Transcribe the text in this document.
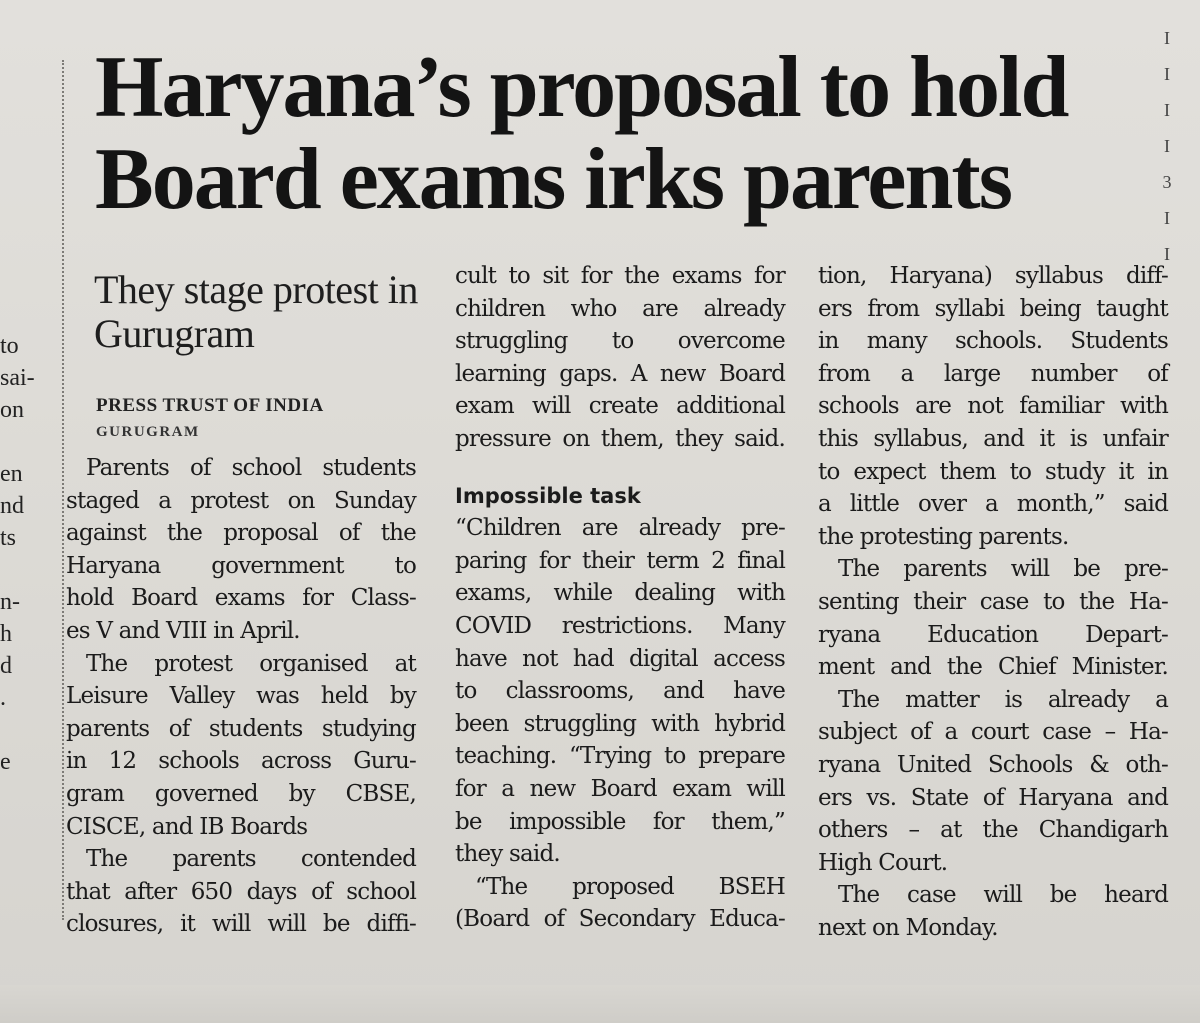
to
sai-
on
en
nd
ts
n-
h
d
.
e
I
I
I
I
3
I
I
Haryana’s proposal to hold
Board exams irks parents
They stage protest in Gurugram
PRESS TRUST OF INDIA
GURUGRAM
Parents of school students
staged a protest on Sunday
against the proposal of the
Haryana government to
hold Board exams for Class-
es V and VIII in April.
The protest organised at
Leisure Valley was held by
parents of students studying
in 12 schools across Guru-
gram governed by CBSE,
CISCE, and IB Boards
The parents contended
that after 650 days of school
closures, it will will be diffi-
cult to sit for the exams for
children who are already
struggling to overcome
learning gaps. A new Board
exam will create additional
pressure on them, they said.
Impossible task
“Children are already pre-
paring for their term 2 final
exams, while dealing with
COVID restrictions. Many
have not had digital access
to classrooms, and have
been struggling with hybrid
teaching. “Trying to prepare
for a new Board exam will
be impossible for them,”
they said.
“The proposed BSEH
(Board of Secondary Educa-
tion, Haryana) syllabus diff-
ers from syllabi being taught
in many schools. Students
from a large number of
schools are not familiar with
this syllabus, and it is unfair
to expect them to study it in
a little over a month,” said
the protesting parents.
The parents will be pre-
senting their case to the Ha-
ryana Education Depart-
ment and the Chief Minister.
The matter is already a
subject of a court case – Ha-
ryana United Schools & oth-
ers vs. State of Haryana and
others – at the Chandigarh
High Court.
The case will be heard
next on Monday.
